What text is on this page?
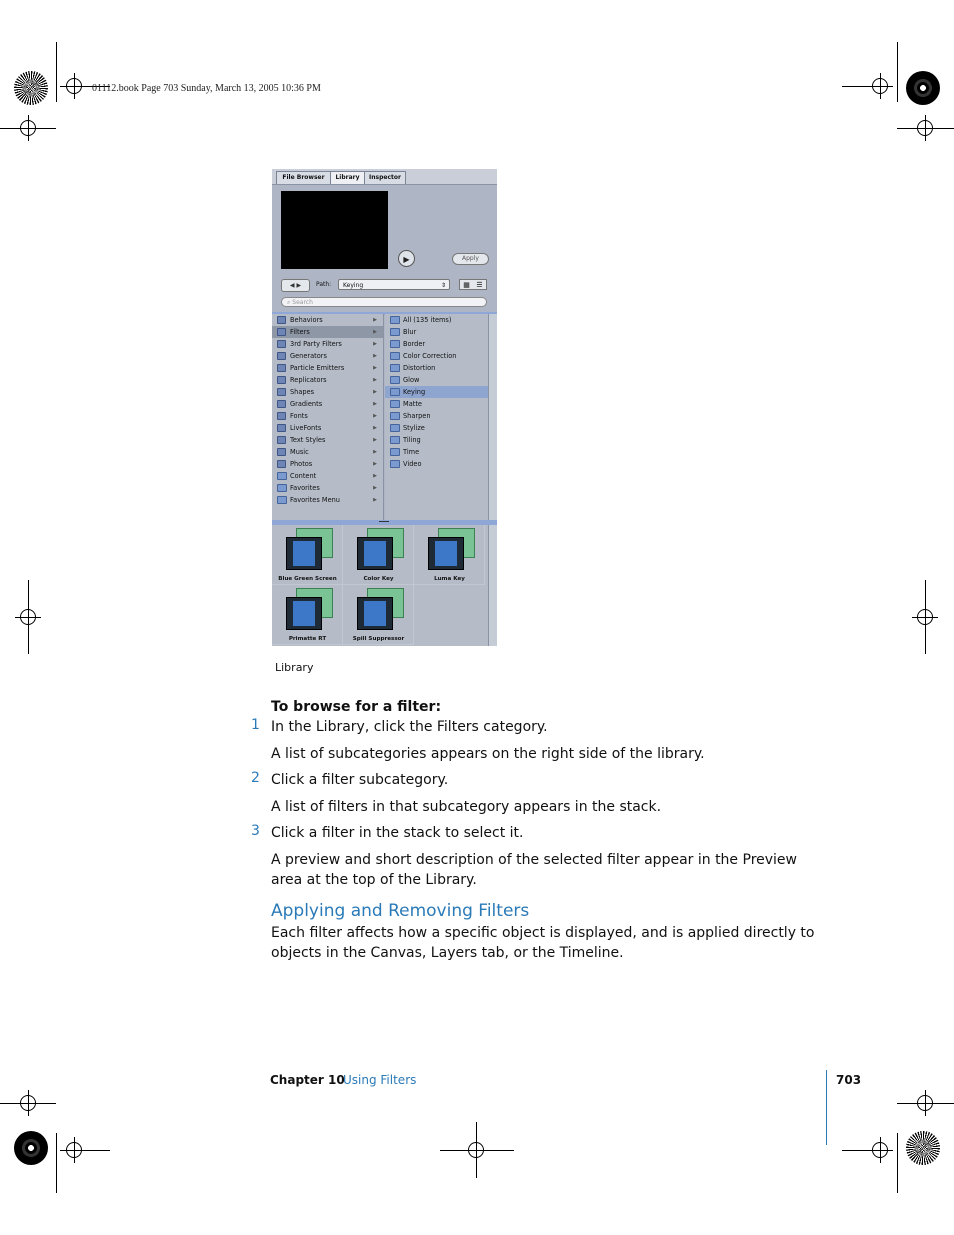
01112.book Page 703 Sunday, March 13, 2005 10:36 PM
File Browser	Library	Inspector
▶	Apply
◀ ▶	Path:	Keying	⇕	▦ ☰
⌕ Search
Behaviors	▶
Filters	▶
3rd Party Filters	▶
Generators	▶
Particle Emitters	▶
Replicators	▶
Shapes	▶
Gradients	▶
Fonts	▶
LiveFonts	▶
Text Styles	▶
Music	▶
Photos	▶
Content	▶
Favorites	▶
Favorites Menu	▶
All (135 items)
Blur
Border
Color Correction
Distortion
Glow
Keying
Matte
Sharpen
Stylize
Tiling
Time
Video
Blue Green Screen	Color Key	Luma Key
Primatte RT	Spill Suppressor
Library
To browse for a filter:
1 In the Library, click the Filters category.
A list of subcategories appears on the right side of the library.
2 Click a filter subcategory.
A list of filters in that subcategory appears in the stack.
3 Click a filter in the stack to select it.
A preview and short description of the selected filter appear in the Preview area at the top of the Library.
Applying and Removing Filters
Each filter affects how a specific object is displayed, and is applied directly to objects in the Canvas, Layers tab, or the Timeline.
Chapter 10
Using Filters	703
